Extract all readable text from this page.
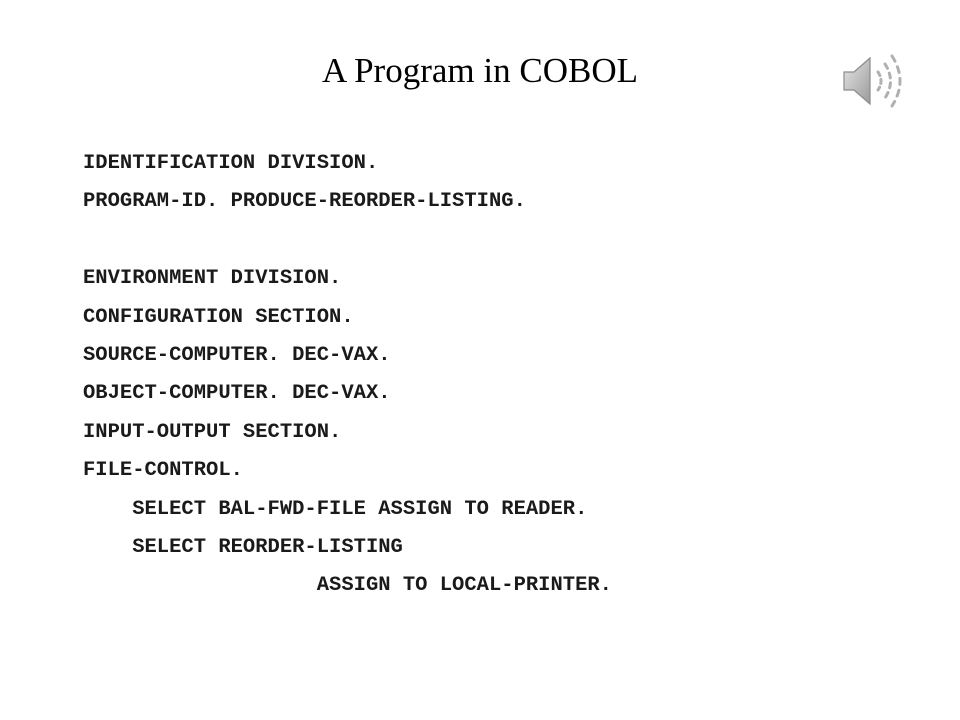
A Program in COBOL
IDENTIFICATION DIVISION.
PROGRAM-ID. PRODUCE-REORDER-LISTING.
ENVIRONMENT DIVISION.
CONFIGURATION SECTION.
SOURCE-COMPUTER. DEC-VAX.
OBJECT-COMPUTER. DEC-VAX.
INPUT-OUTPUT SECTION.
FILE-CONTROL.
SELECT BAL-FWD-FILE ASSIGN TO READER.
SELECT REORDER-LISTING
ASSIGN TO LOCAL-PRINTER.
